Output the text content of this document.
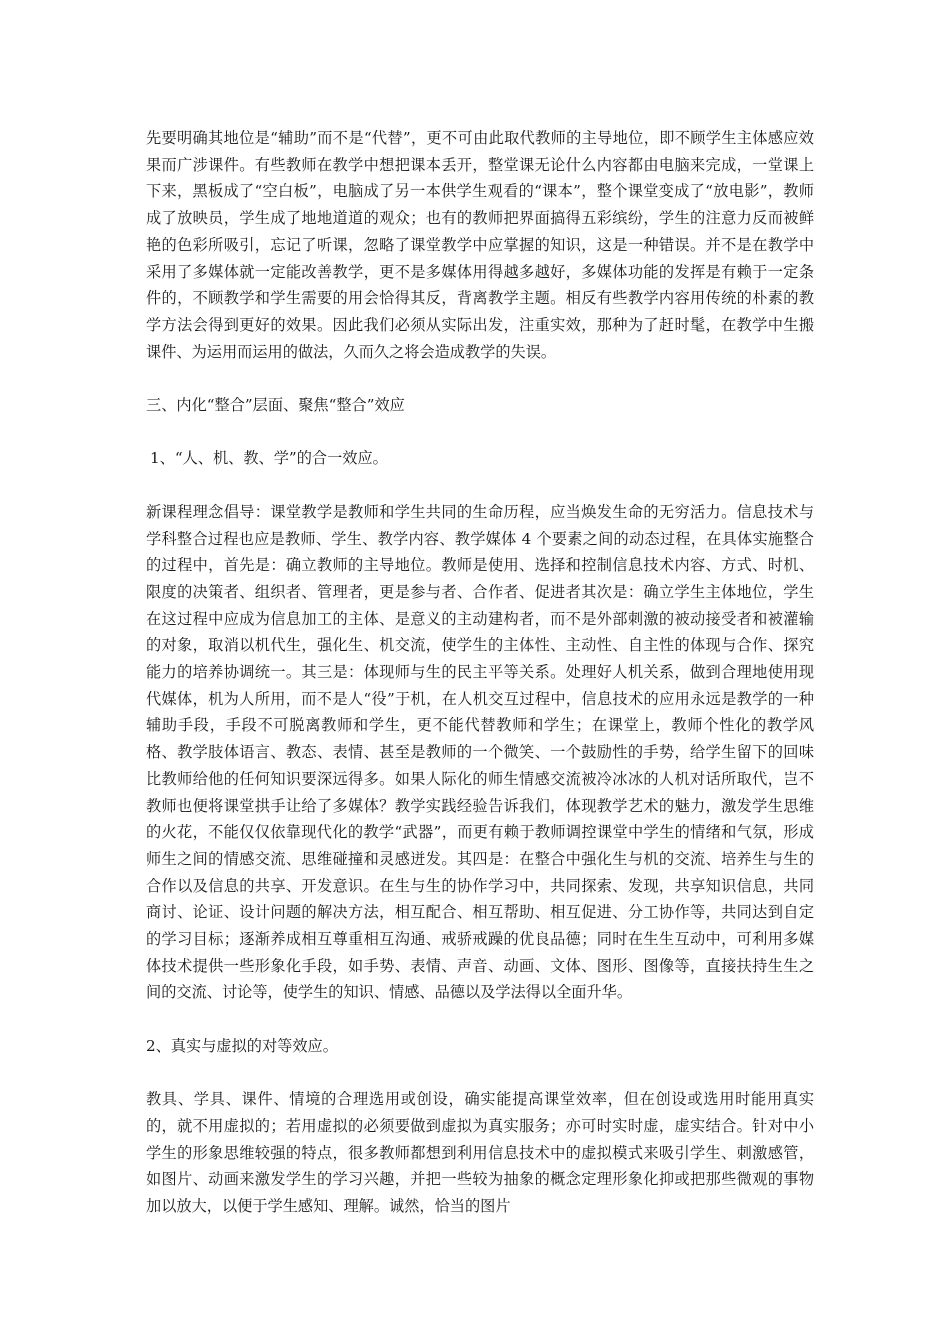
先要明确其地位是“辅助”而不是“代替”，更不可由此取代教师的主导地位，即不顾学生主体感应效果而广涉课件。有些教师在教学中想把课本丢开，整堂课无论什么内容都由电脑来完成，一堂课上下来，黑板成了“空白板”，电脑成了另一本供学生观看的“课本”，整个课堂变成了“放电影”，教师成了放映员，学生成了地地道道的观众；也有的教师把界面搞得五彩缤纷，学生的注意力反而被鲜艳的色彩所吸引，忘记了听课，忽略了课堂教学中应掌握的知识，这是一种错误。并不是在教学中采用了多媒体就一定能改善教学，更不是多媒体用得越多越好，多媒体功能的发挥是有赖于一定条件的，不顾教学和学生需要的用会恰得其反，背离教学主题。相反有些教学内容用传统的朴素的教学方法会得到更好的效果。因此我们必须从实际出发，注重实效，那种为了赶时髦，在教学中生搬课件、为运用而运用的做法，久而久之将会造成教学的失误。

三、内化“整合”层面、聚焦“整合”效应

1、“人、机、教、学”的合一效应。

新课程理念倡导：课堂教学是教师和学生共同的生命历程，应当焕发生命的无穷活力。信息技术与学科整合过程也应是教师、学生、教学内容、教学媒体 4 个要素之间的动态过程，在具体实施整合的过程中，首先是：确立教师的主导地位。教师是使用、选择和控制信息技术内容、方式、时机、限度的决策者、组织者、管理者，更是参与者、合作者、促进者其次是：确立学生主体地位，学生在这过程中应成为信息加工的主体、是意义的主动建构者，而不是外部刺激的被动接受者和被灌输的对象，取消以机代生，强化生、机交流，使学生的主体性、主动性、自主性的体现与合作、探究能力的培养协调统一。其三是：体现师与生的民主平等关系。处理好人机关系，做到合理地使用现代媒体，机为人所用，而不是人“役”于机，在人机交互过程中，信息技术的应用永远是教学的一种辅助手段，手段不可脱离教师和学生，更不能代替教师和学生；在课堂上，教师个性化的教学风格、教学肢体语言、教态、表情、甚至是教师的一个微笑、一个鼓励性的手势，给学生留下的回味比教师给他的任何知识要深远得多。如果人际化的师生情感交流被冷冰冰的人机对话所取代，岂不教师也便将课堂拱手让给了多媒体？教学实践经验告诉我们，体现教学艺术的魅力，激发学生思维的火花，不能仅仅依靠现代化的教学“武器”，而更有赖于教师调控课堂中学生的情绪和气氛，形成师生之间的情感交流、思维碰撞和灵感迸发。其四是：在整合中强化生与机的交流、培养生与生的合作以及信息的共享、开发意识。在生与生的协作学习中，共同探索、发现，共享知识信息，共同商讨、论证、设计问题的解决方法，相互配合、相互帮助、相互促进、分工协作等，共同达到自定的学习目标；逐渐养成相互尊重相互沟通、戒骄戒躁的优良品德；同时在生生互动中，可利用多媒体技术提供一些形象化手段，如手势、表情、声音、动画、文体、图形、图像等，直接扶持生生之间的交流、讨论等，使学生的知识、情感、品德以及学法得以全面升华。

2、真实与虚拟的对等效应。

教具、学具、课件、情境的合理选用或创设，确实能提高课堂效率，但在创设或选用时能用真实的，就不用虚拟的；若用虚拟的必须要做到虚拟为真实服务；亦可时实时虚，虚实结合。针对中小学生的形象思维较强的特点，很多教师都想到利用信息技术中的虚拟模式来吸引学生、刺激感管，如图片、动画来激发学生的学习兴趣，并把一些较为抽象的概念定理形象化抑或把那些微观的事物加以放大，以便于学生感知、理解。诚然，恰当的图片
